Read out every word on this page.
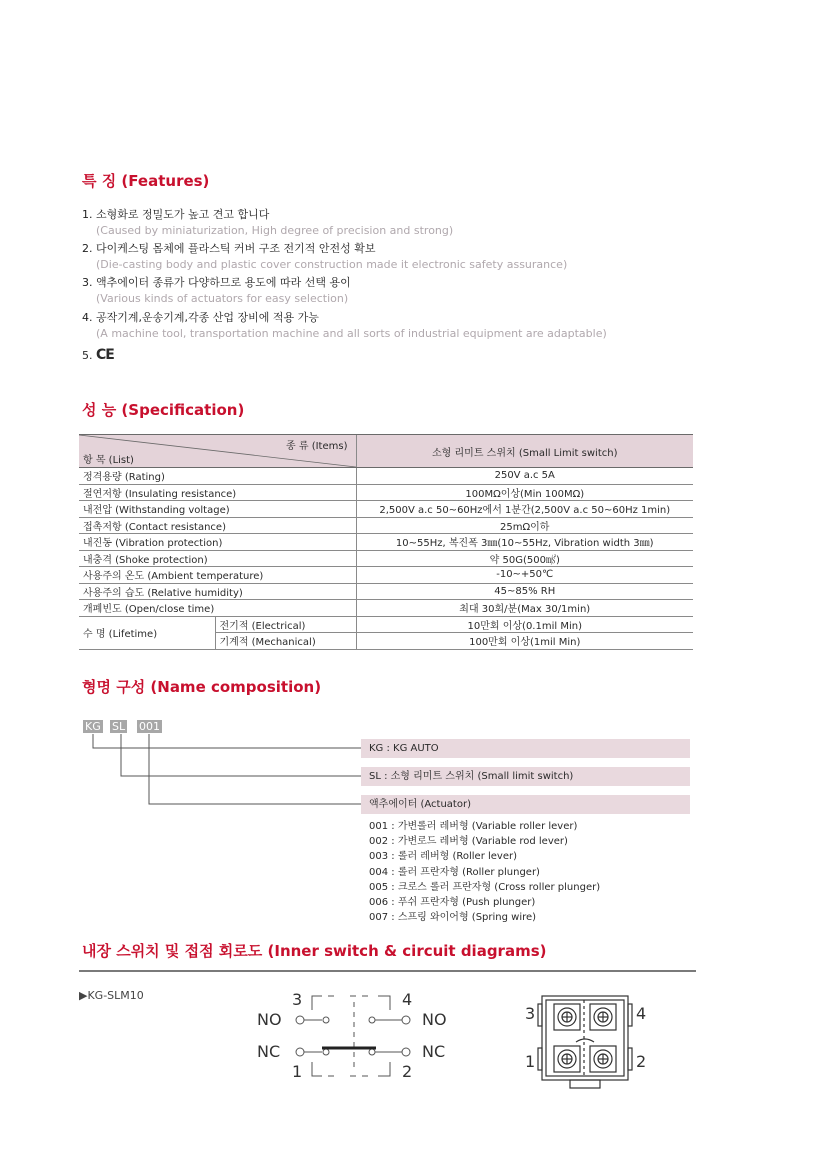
특 징 (Features)
1. 소형화로 정밀도가 높고 견고 합니다
(Caused by miniaturization, High degree of precision and strong)
2. 다이케스팅 몸체에 플라스틱 커버 구조 전기적 안전성 확보
(Die-casting body and plastic cover construction made it electronic safety assurance)
3. 액추에이터 종류가 다양하므로 용도에 따라 선택 용이
(Various kinds of actuators for easy selection)
4. 공작기계,운송기계,각종 산업 장비에 적용 가능
(A machine tool, transportation machine and all sorts of industrial equipment are adaptable)
5. CE
성 능 (Specification)
종 류 (Items)
항 목 (List)		소형 리미트 스위치 (Small Limit switch)
정격용량 (Rating)		250V a.c 5A
절연저항 (Insulating resistance)		100MΩ이상(Min 100MΩ)
내전압 (Withstanding voltage)		2,500V a.c 50~60Hz에서 1분간(2,500V a.c 50~60Hz 1min)
접촉저항 (Contact resistance)		25mΩ이하
내진동 (Vibration protection)		10~55Hz, 복진폭 3㎜(10~55Hz, Vibration width 3㎜)
내충격 (Shoke protection)		약 50G(500㎨)
사용주의 온도 (Ambient temperature)		-10~+50℃
사용주의 습도 (Relative humidity)		45~85% RH
개폐빈도 (Open/close time)		최대 30회/분(Max 30/1min)
수 명 (Lifetime)	전기적 (Electrical)	10만회 이상(0.1mil Min)
	기계적 (Mechanical)	100만회 이상(1mil Min)
형명 구성 (Name composition)
KG SL 001
KG : KG AUTO
SL : 소형 리미트 스위치 (Small limit switch)
액추에이터 (Actuator)
001 : 가변롤러 레버형 (Variable roller lever)
002 : 가변로드 레버형 (Variable rod lever)
003 : 롤러 레버형 (Roller lever)
004 : 롤러 프란자형 (Roller plunger)
005 : 크로스 롤러 프란자형 (Cross roller plunger)
006 : 푸쉬 프란자형 (Push plunger)
007 : 스프링 와이어형 (Spring wire)
내장 스위치 및 접점 회로도 (Inner switch & circuit diagrams)
▶KG-SLM10	3	4
1	2
NO	NO
NC	NC
3	4
1	2
